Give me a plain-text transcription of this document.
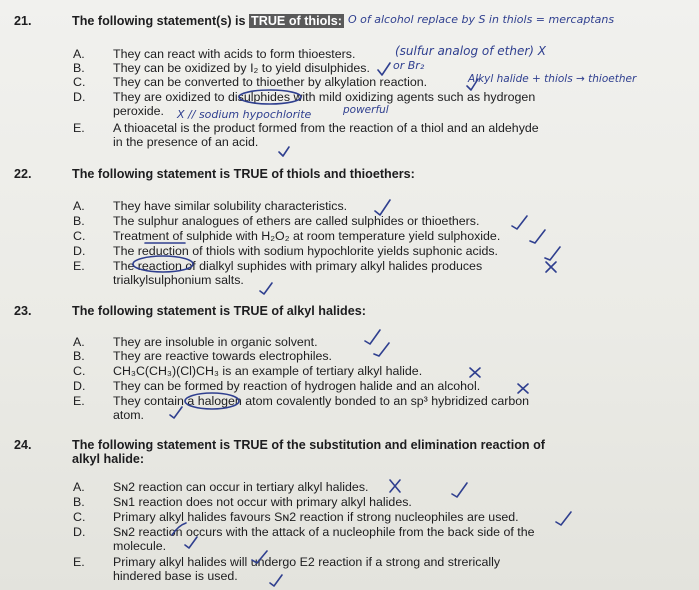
21.	The following statement(s) is TRUE of thiols:
A.	They can react with acids to form thioesters.
B.	They can be oxidized by I₂ to yield disulphides.
C.	They can be converted to thioether by alkylation reaction.
D.	They are oxidized to disulphides with mild oxidizing agents such as hydrogen
peroxide.
E.	A thioacetal is the product formed from the reaction of a thiol and an aldehyde
in the presence of an acid.
22.	The following statement is TRUE of thiols and thioethers:
A.	They have similar solubility characteristics.
B.	The sulphur analogues of ethers are called sulphides or thioethers.
C.	Treatment of sulphide with H₂O₂ at room temperature yield sulphoxide.
D.	The reduction of thiols with sodium hypochlorite yields suphonic acids.
E.	The reaction of dialkyl suphides with primary alkyl halides produces
trialkylsulphonium salts.
23.	The following statement is TRUE of alkyl halides:
A.	They are insoluble in organic solvent.
B.	They are reactive towards electrophiles.
C.	CH₃C(CH₃)(Cl)CH₃ is an example of tertiary alkyl halide.
D.	They can be formed by reaction of hydrogen halide and an alcohol.
E.	They contain a halogen atom covalently bonded to an sp³ hybridized carbon
atom.
24.	The following statement is TRUE of the substitution and elimination reaction of alkyl halide:
A.	Sɴ2 reaction can occur in tertiary alkyl halides.
B.	Sɴ1 reaction does not occur with primary alkyl halides.
C.	Primary alkyl halides favours Sɴ2 reaction if strong nucleophiles are used.
D.	Sɴ2 reaction occurs with the attack of a nucleophile from the back side of the
molecule.
E.	Primary alkyl halides will undergo E2 reaction if a strong and strerically
hindered base is used.
O of alcohol replace by S in thiols = mercaptans
(sulfur analog of ether) X
or Br₂
Alkyl halide + thiols → thioether
X // sodium hypochlorite	powerful
